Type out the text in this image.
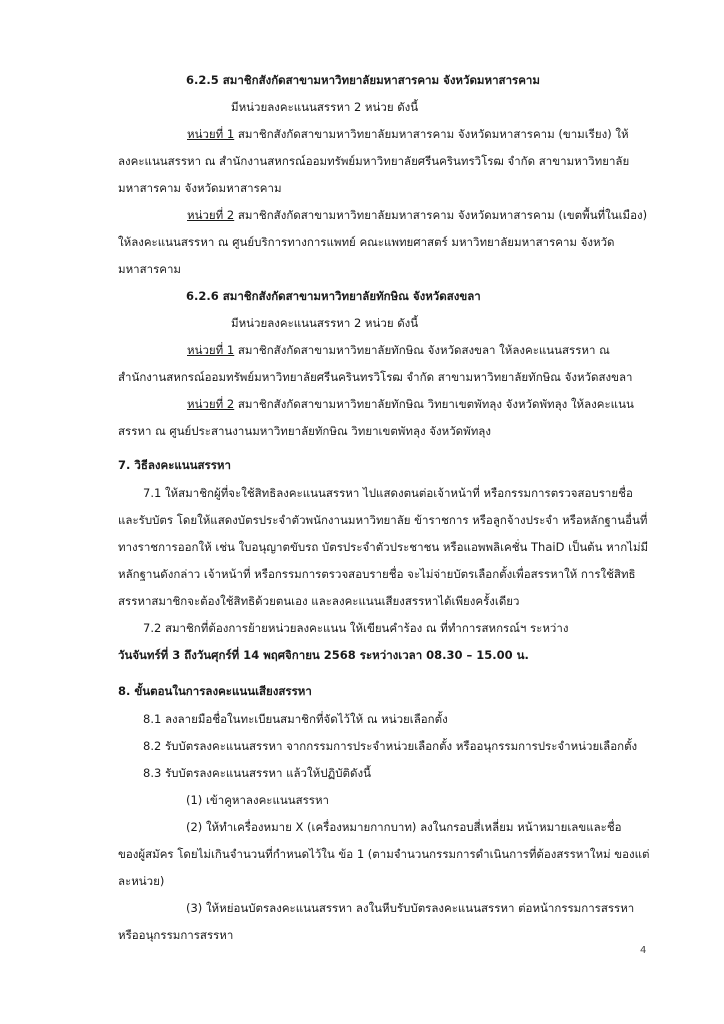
6.2.5 สมาชิกสังกัดสาขามหาวิทยาลัยมหาสารคาม จังหวัดมหาสารคาม
มีหน่วยลงคะแนนสรรหา 2 หน่วย ดังนี้
หน่วยที่ 1 สมาชิกสังกัดสาขามหาวิทยาลัยมหาสารคาม จังหวัดมหาสารคาม (ขามเรียง) ให้
ลงคะแนนสรรหา ณ สำนักงานสหกรณ์ออมทรัพย์มหาวิทยาลัยศรีนครินทรวิโรฒ จำกัด สาขามหาวิทยาลัย
มหาสารคาม จังหวัดมหาสารคาม
หน่วยที่ 2 สมาชิกสังกัดสาขามหาวิทยาลัยมหาสารคาม จังหวัดมหาสารคาม (เขตพื้นที่ในเมือง)
ให้ลงคะแนนสรรหา ณ ศูนย์บริการทางการแพทย์ คณะแพทยศาสตร์ มหาวิทยาลัยมหาสารคาม จังหวัด
มหาสารคาม
6.2.6 สมาชิกสังกัดสาขามหาวิทยาลัยทักษิณ จังหวัดสงขลา
มีหน่วยลงคะแนนสรรหา 2 หน่วย ดังนี้
หน่วยที่ 1 สมาชิกสังกัดสาขามหาวิทยาลัยทักษิณ จังหวัดสงขลา ให้ลงคะแนนสรรหา ณ
สำนักงานสหกรณ์ออมทรัพย์มหาวิทยาลัยศรีนครินทรวิโรฒ จำกัด สาขามหาวิทยาลัยทักษิณ จังหวัดสงขลา
หน่วยที่ 2 สมาชิกสังกัดสาขามหาวิทยาลัยทักษิณ วิทยาเขตพัทลุง จังหวัดพัทลุง ให้ลงคะแนน
สรรหา ณ ศูนย์ประสานงานมหาวิทยาลัยทักษิณ วิทยาเขตพัทลุง จังหวัดพัทลุง
7. วิธีลงคะแนนสรรหา
7.1 ให้สมาชิกผู้ที่จะใช้สิทธิลงคะแนนสรรหา ไปแสดงตนต่อเจ้าหน้าที่ หรือกรรมการตรวจสอบรายชื่อ
และรับบัตร โดยให้แสดงบัตรประจำตัวพนักงานมหาวิทยาลัย ข้าราชการ หรือลูกจ้างประจำ หรือหลักฐานอื่นที่
ทางราชการออกให้ เช่น ใบอนุญาตขับรถ บัตรประจำตัวประชาชน หรือแอพพลิเคชั่น ThaiD เป็นต้น หากไม่มี
หลักฐานดังกล่าว เจ้าหน้าที่ หรือกรรมการตรวจสอบรายชื่อ จะไม่จ่ายบัตรเลือกตั้งเพื่อสรรหาให้ การใช้สิทธิ
สรรหาสมาชิกจะต้องใช้สิทธิด้วยตนเอง และลงคะแนนเสียงสรรหาได้เพียงครั้งเดียว
7.2 สมาชิกที่ต้องการย้ายหน่วยลงคะแนน ให้เขียนคำร้อง ณ ที่ทำการสหกรณ์ฯ ระหว่าง
วันจันทร์ที่ 3 ถึงวันศุกร์ที่ 14 พฤศจิกายน 2568 ระหว่างเวลา 08.30 – 15.00 น.
8. ขั้นตอนในการลงคะแนนเสียงสรรหา
8.1 ลงลายมือชื่อในทะเบียนสมาชิกที่จัดไว้ให้ ณ หน่วยเลือกตั้ง
8.2 รับบัตรลงคะแนนสรรหา จากกรรมการประจำหน่วยเลือกตั้ง หรืออนุกรรมการประจำหน่วยเลือกตั้ง
8.3 รับบัตรลงคะแนนสรรหา แล้วให้ปฏิบัติดังนี้
(1) เข้าคูหาลงคะแนนสรรหา
(2) ให้ทำเครื่องหมาย X (เครื่องหมายกากบาท) ลงในกรอบสี่เหลี่ยม หน้าหมายเลขและชื่อ
ของผู้สมัคร โดยไม่เกินจำนวนที่กำหนดไว้ใน ข้อ 1 (ตามจำนวนกรรมการดำเนินการที่ต้องสรรหาใหม่ ของแต่
ละหน่วย)
(3) ให้หย่อนบัตรลงคะแนนสรรหา ลงในหีบรับบัตรลงคะแนนสรรหา ต่อหน้ากรรมการสรรหา
หรืออนุกรรมการสรรหา
4
